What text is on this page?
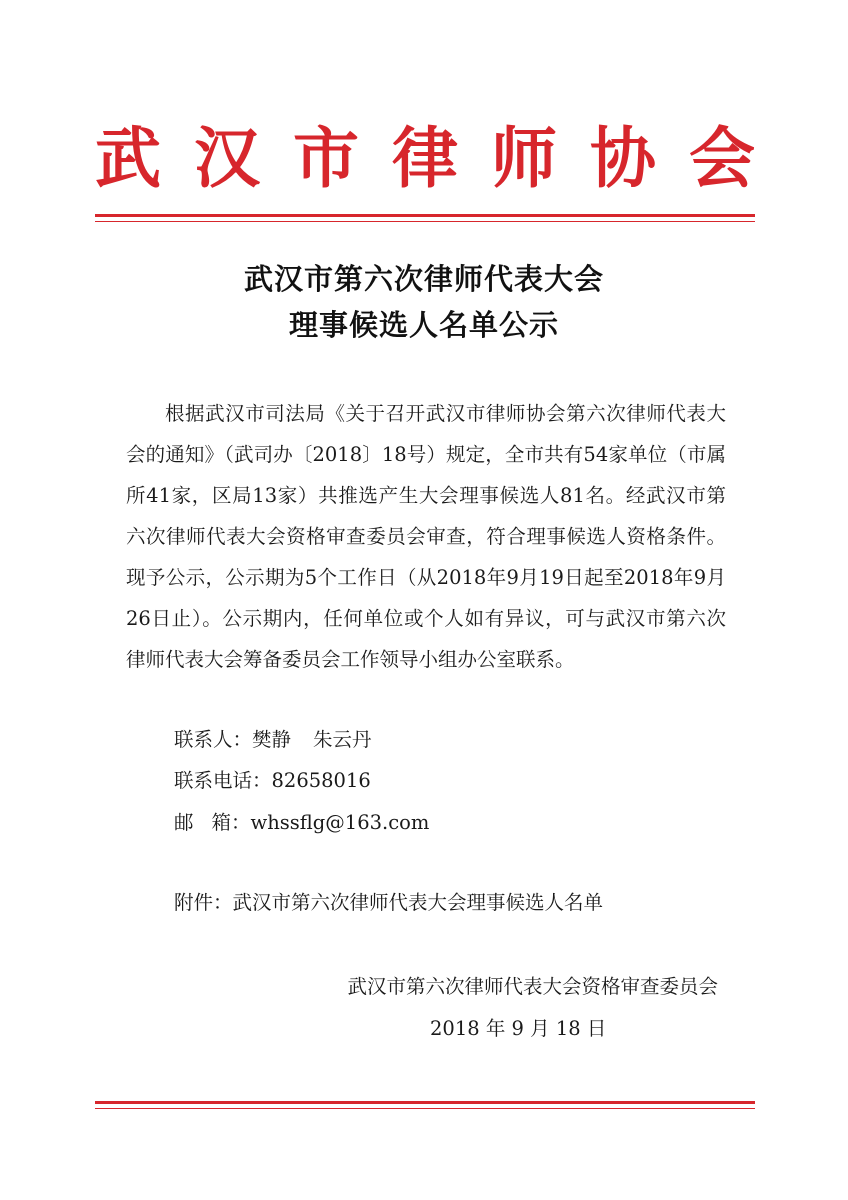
武 汉 市 律 师 协 会
武汉市第六次律师代表大会
理事候选人名单公示
根据武汉市司法局《关于召开武汉市律师协会第六次律师代表大会的通知》（武司办〔2018〕18号）规定，全市共有54家单位（市属所41家，区局13家）共推选产生大会理事候选人81名。经武汉市第六次律师代表大会资格审查委员会审查，符合理事候选人资格条件。现予公示，公示期为5个工作日（从2018年9月19日起至2018年9月26日止）。公示期内，任何单位或个人如有异议，可与武汉市第六次律师代表大会筹备委员会工作领导小组办公室联系。
联系人：樊静 朱云丹
联系电话：82658016
邮 箱：whssflg@163.com
附件：武汉市第六次律师代表大会理事候选人名单
武汉市第六次律师代表大会资格审查委员会
2018 年 9 月 18 日
